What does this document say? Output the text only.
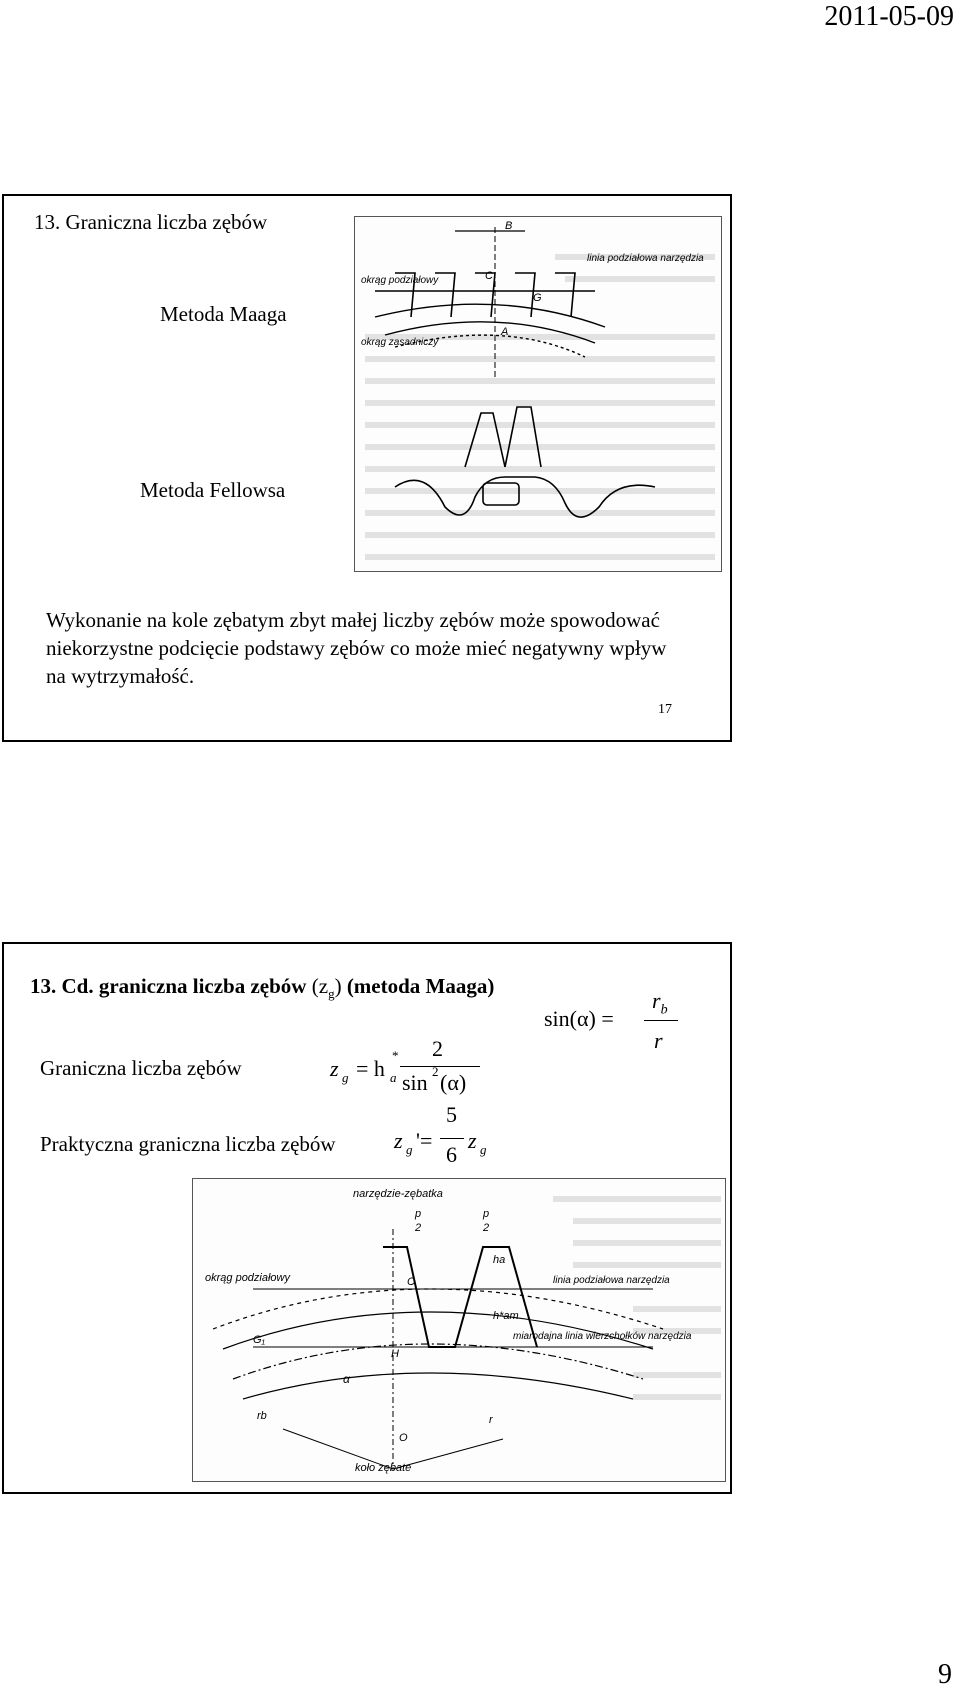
2011-05-09
13. Graniczna liczba zębów
Metoda Maaga
Metoda Fellowsa
B
C
G
A
okrąg podziałowy
okrąg zasadniczy
linia podziałowa narzędzia
Wykonanie na kole zębatym zbyt małej liczby zębów może spowodować niekorzystne podcięcie podstawy zębów co może mieć negatywny wpływ na wytrzymałość.
17
13. Cd. graniczna liczba zębów $(z_g)$ (metoda Maaga)
sin(α) =
$r_b$
r
Graniczna liczba zębów	z g = h
*
a
2
sin 2 (α)
Praktyczna graniczna liczba zębów	z g '=
5
6
z g
narzędzie-zębatka
p
2
p
2
okrąg podziałowy	linia podziałowa narzędzia
miarodajna linia wierzchołków narzędzia
koło zębate
C
H
O
G₁
α
rb	r
ha
h*am
9
